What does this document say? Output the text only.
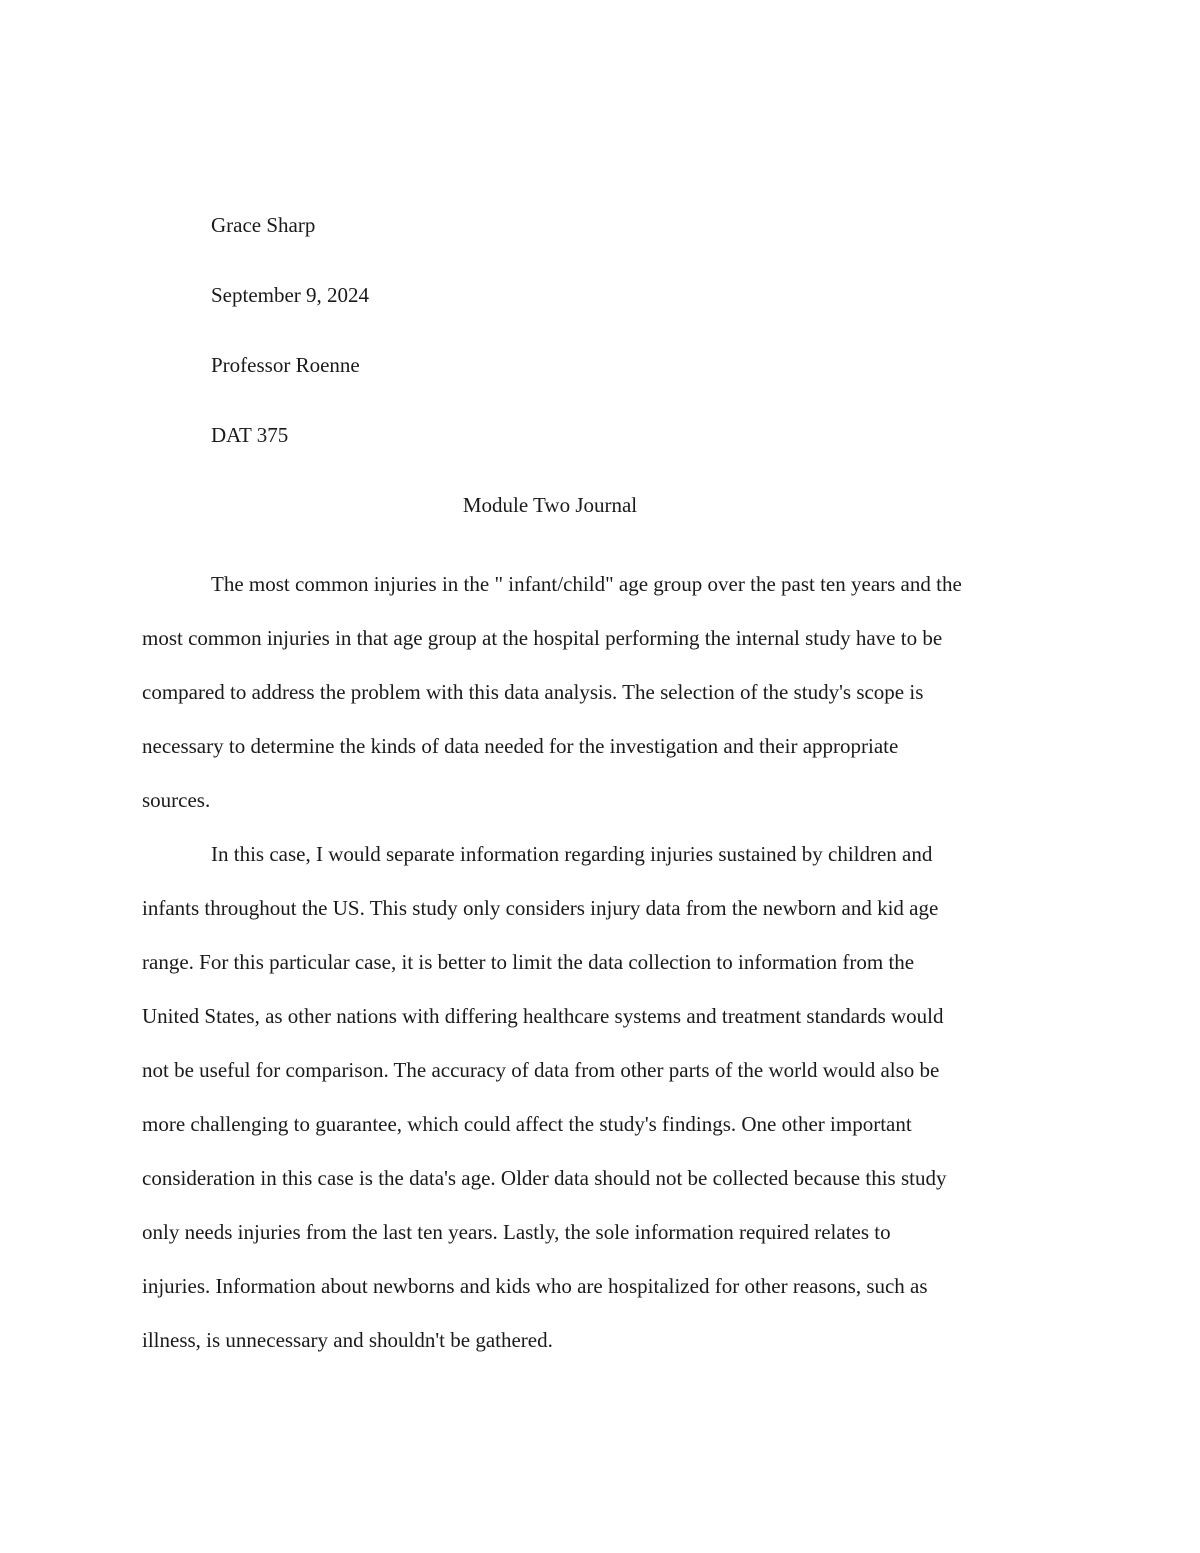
Grace Sharp
September 9, 2024
Professor Roenne
DAT 375
Module Two Journal

The most common injuries in the " infant/child" age group over the past ten years and the
most common injuries in that age group at the hospital performing the internal study have to be
compared to address the problem with this data analysis. The selection of the study's scope is
necessary to determine the kinds of data needed for the investigation and their appropriate
sources.

In this case, I would separate information regarding injuries sustained by children and
infants throughout the US. This study only considers injury data from the newborn and kid age
range. For this particular case, it is better to limit the data collection to information from the
United States, as other nations with differing healthcare systems and treatment standards would
not be useful for comparison. The accuracy of data from other parts of the world would also be
more challenging to guarantee, which could affect the study's findings. One other important
consideration in this case is the data's age. Older data should not be collected because this study
only needs injuries from the last ten years. Lastly, the sole information required relates to
injuries. Information about newborns and kids who are hospitalized for other reasons, such as
illness, is unnecessary and shouldn't be gathered.
